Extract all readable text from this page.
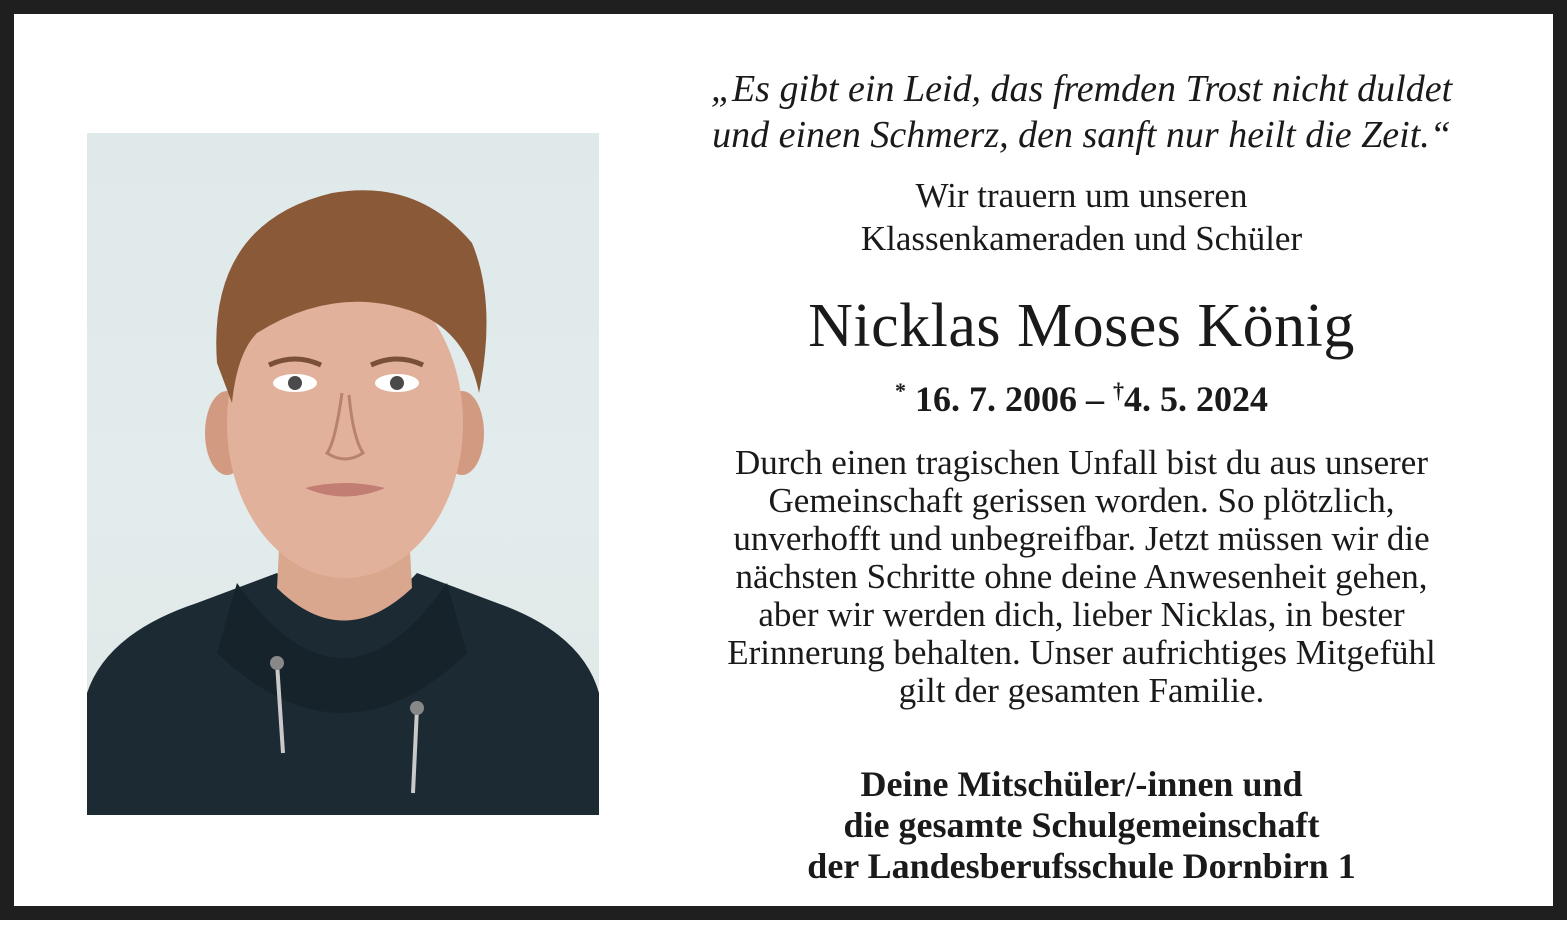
„Es gibt ein Leid, das fremden Trost nicht duldet
und einen Schmerz, den sanft nur heilt die Zeit.“
Wir trauern um unseren
Klassenkameraden und Schüler
Nicklas Moses König
* 16. 7. 2006 – †4. 5. 2024
Durch einen tragischen Unfall bist du aus unserer
Gemeinschaft gerissen worden. So plötzlich,
unverhofft und unbegreifbar. Jetzt müssen wir die
nächsten Schritte ohne deine Anwesenheit gehen,
aber wir werden dich, lieber Nicklas, in bester
Erinnerung behalten. Unser aufrichtiges Mitgefühl
gilt der gesamten Familie.
Deine Mitschüler/-innen und
die gesamte Schulgemeinschaft
der Landesberufsschule Dornbirn 1
